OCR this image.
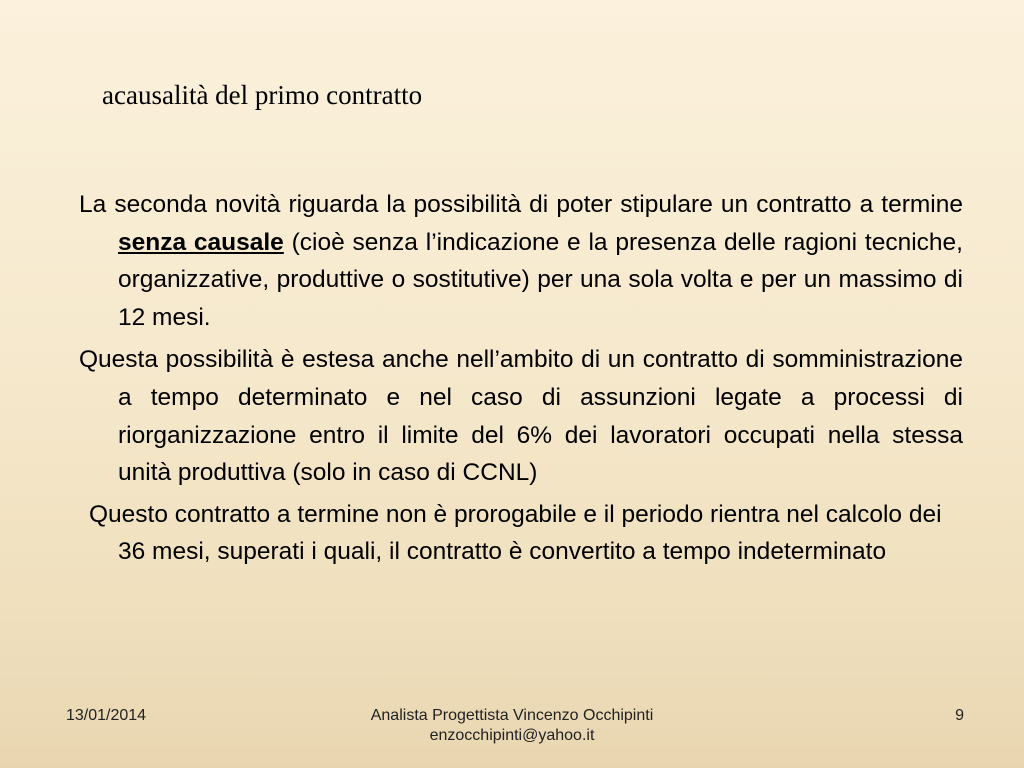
acausalità del primo contratto

La seconda novità riguarda la possibilità di poter stipulare un contratto a termine senza causale (cioè senza l’indicazione e la presenza delle ragioni tecniche, organizzative, produttive o sostitutive) per una sola volta e per un massimo di 12 mesi.

Questa possibilità è estesa anche nell’ambito di un contratto di somministrazione a tempo determinato e nel caso di assunzioni legate a processi di riorganizzazione entro il limite del 6% dei lavoratori occupati nella stessa unità produttiva (solo in caso di CCNL)

Questo contratto a termine non è prorogabile e il periodo rientra nel calcolo dei 36 mesi, superati i quali, il contratto è convertito a tempo indeterminato

13/01/2014	Analista Progettista Vincenzo Occhipinti
enzocchipinti@yahoo.it
9
